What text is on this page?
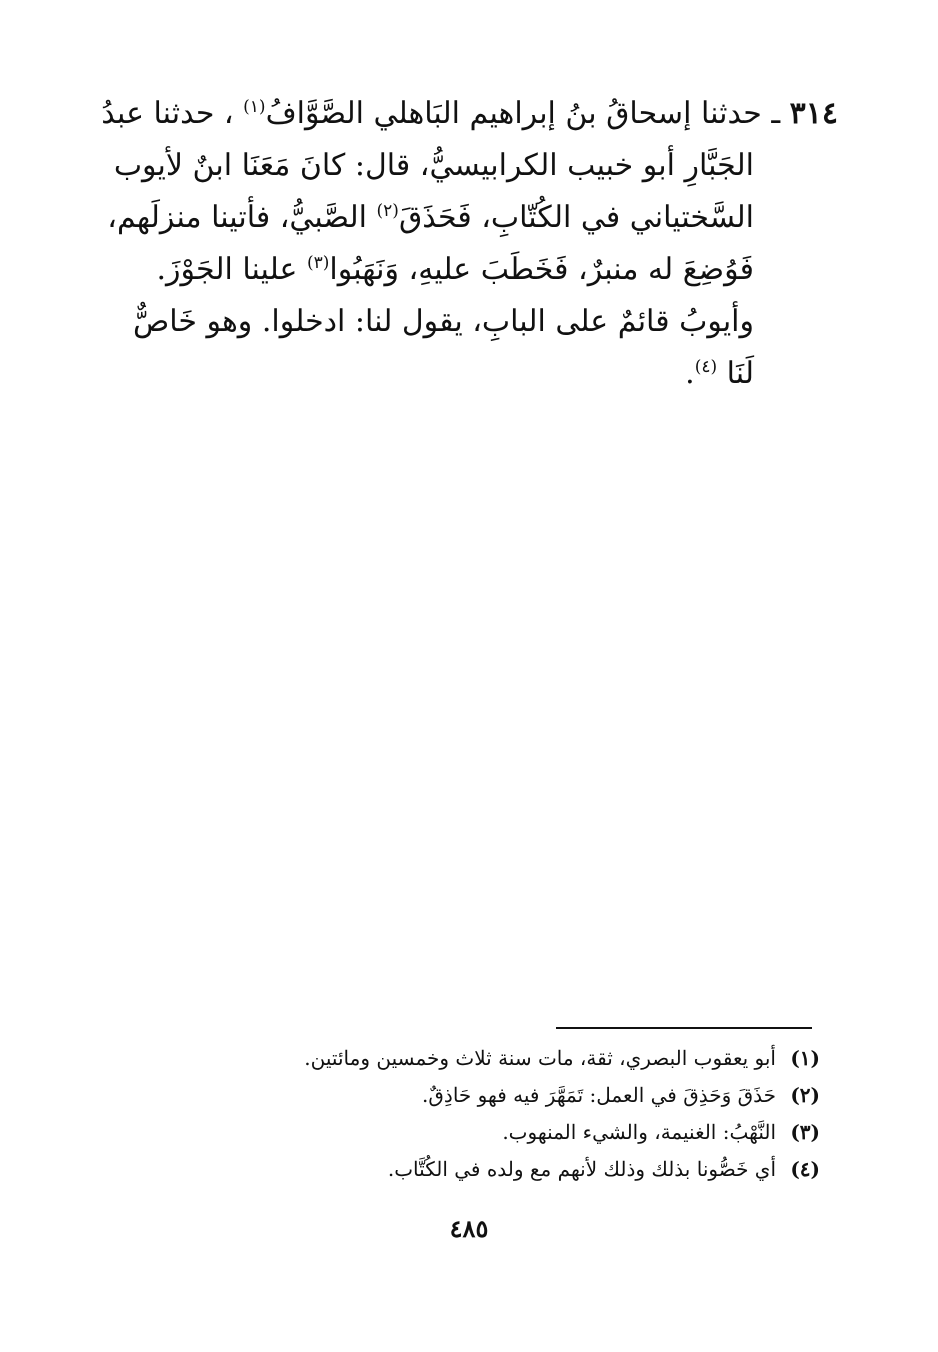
٣١٤ ـ حدثنا إسحاقُ بنُ إبراهيم البَاهلي الصَّوَّافُ$^{(١)}$ ، حدثنا عبدُ
الجَبَّارِ أبو خبيب الكرابيسيُّ، قال: كانَ مَعَنَا ابنٌ لأيوب
السَّختياني في الكُتّابِ، فَحَذَقَ$^{(٢)}$ الصَّبيُّ، فأتينا منزلَهم،
فَوُضِعَ له منبرٌ، فَخَطَبَ عليهِ، وَنَهَبُوا$^{(٣)}$ علينا الجَوْزَ.
وأيوبُ قائمٌ على البابِ، يقول لنا: ادخلوا. وهو خَاصٌّ
لَنَا $^{(٤)}$.
(١)أبو يعقوب البصري، ثقة، مات سنة ثلاث وخمسين ومائتين.
(٢)حَذَقَ وَحَذِقَ في العمل: تَمَهَّرَ فيه فهو حَاذِقٌ.
(٣)النَّهْبُ: الغنيمة، والشيء المنهوب.
(٤)أي خَصُّونا بذلك وذلك لأنهم مع ولده في الكُتَّاب.
٤٨٥
